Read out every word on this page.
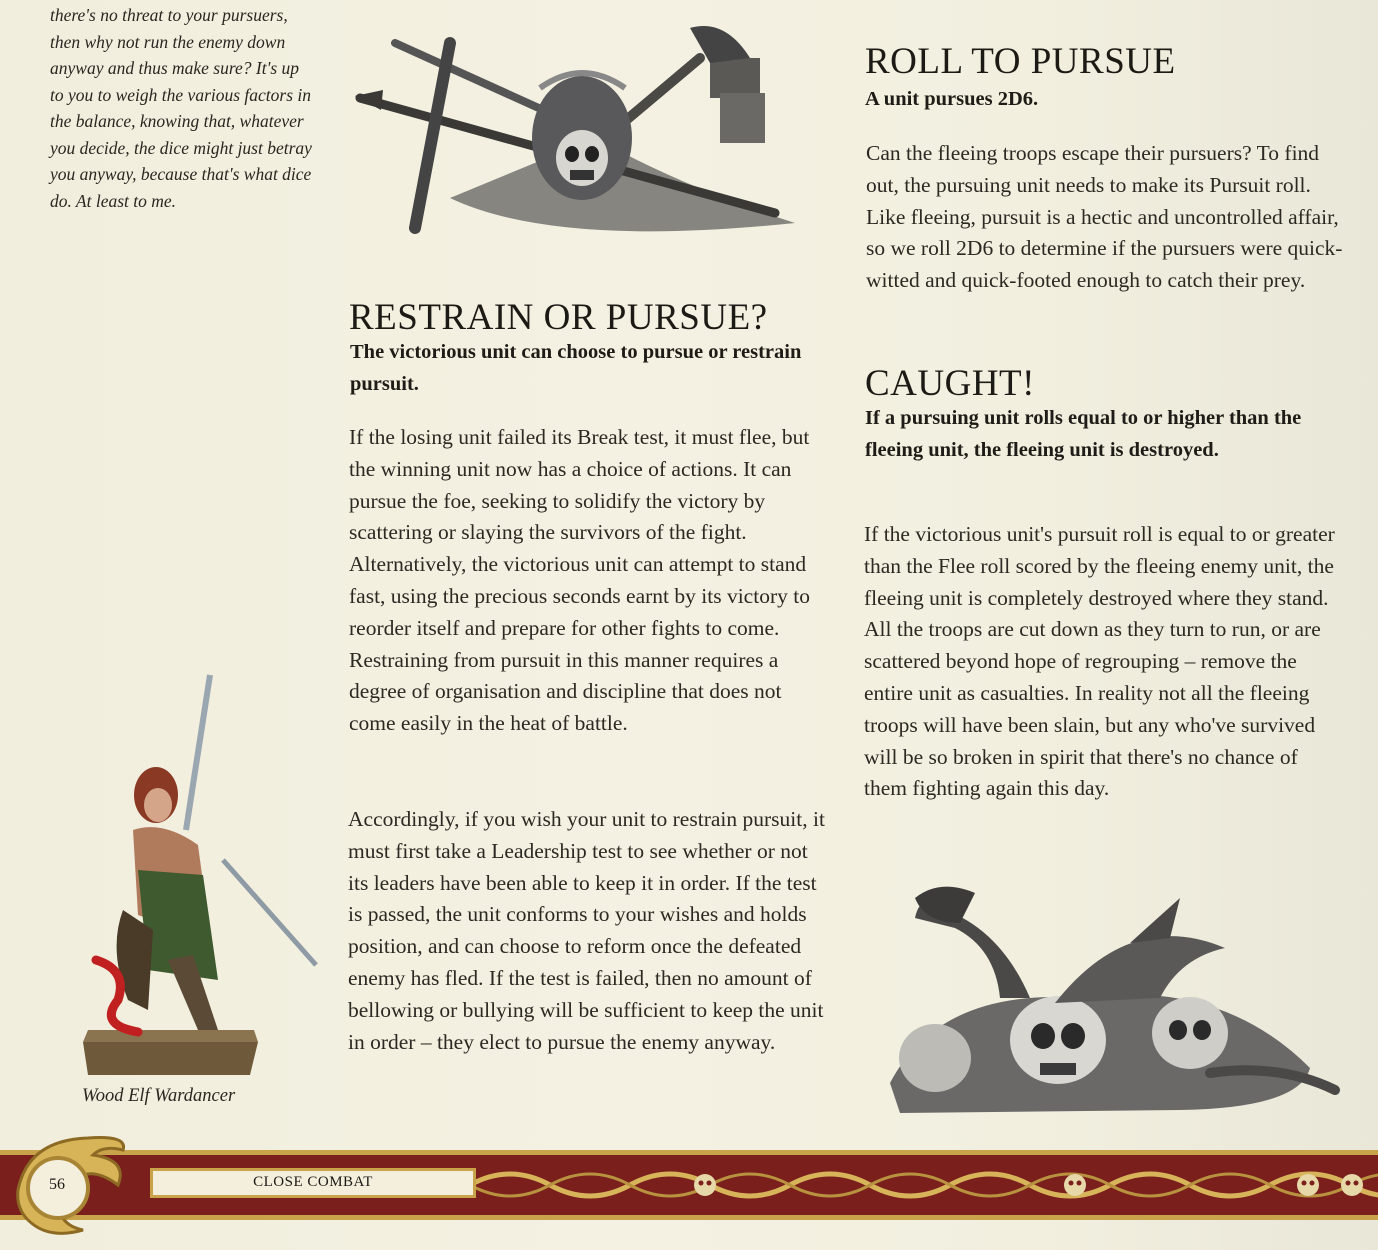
there's no threat to your pursuers, then why not run the enemy down anyway and thus make sure? It's up to you to weigh the various factors in the balance, knowing that, whatever you decide, the dice might just betray you anyway, because that's what dice do. At least to me.

RESTRAIN OR PURSUE?

The victorious unit can choose to pursue or restrain pursuit.

If the losing unit failed its Break test, it must flee, but the winning unit now has a choice of actions. It can pursue the foe, seeking to solidify the victory by scattering or slaying the survivors of the fight. Alternatively, the victorious unit can attempt to stand fast, using the precious seconds earnt by its victory to reorder itself and prepare for other fights to come. Restraining from pursuit in this manner requires a degree of organisation and discipline that does not come easily in the heat of battle.

Accordingly, if you wish your unit to restrain pursuit, it must first take a Leadership test to see whether or not its leaders have been able to keep it in order. If the test is passed, the unit conforms to your wishes and holds position, and can choose to reform once the defeated enemy has fled. If the test is failed, then no amount of bellowing or bullying will be sufficient to keep the unit in order – they elect to pursue the enemy anyway.

ROLL TO PURSUE

A unit pursues 2D6.

Can the fleeing troops escape their pursuers? To find out, the pursuing unit needs to make its Pursuit roll. Like fleeing, pursuit is a hectic and uncontrolled affair, so we roll 2D6 to determine if the pursuers were quick-witted and quick-footed enough to catch their prey.

CAUGHT!

If a pursuing unit rolls equal to or higher than the fleeing unit, the fleeing unit is destroyed.

If the victorious unit's pursuit roll is equal to or greater than the Flee roll scored by the fleeing enemy unit, the fleeing unit is completely destroyed where they stand. All the troops are cut down as they turn to run, or are scattered beyond hope of regrouping – remove the entire unit as casualties. In reality not all the fleeing troops will have been slain, but any who've survived will be so broken in spirit that there's no chance of them fighting again this day.

Wood Elf Wardancer

CLOSE COMBAT

56
